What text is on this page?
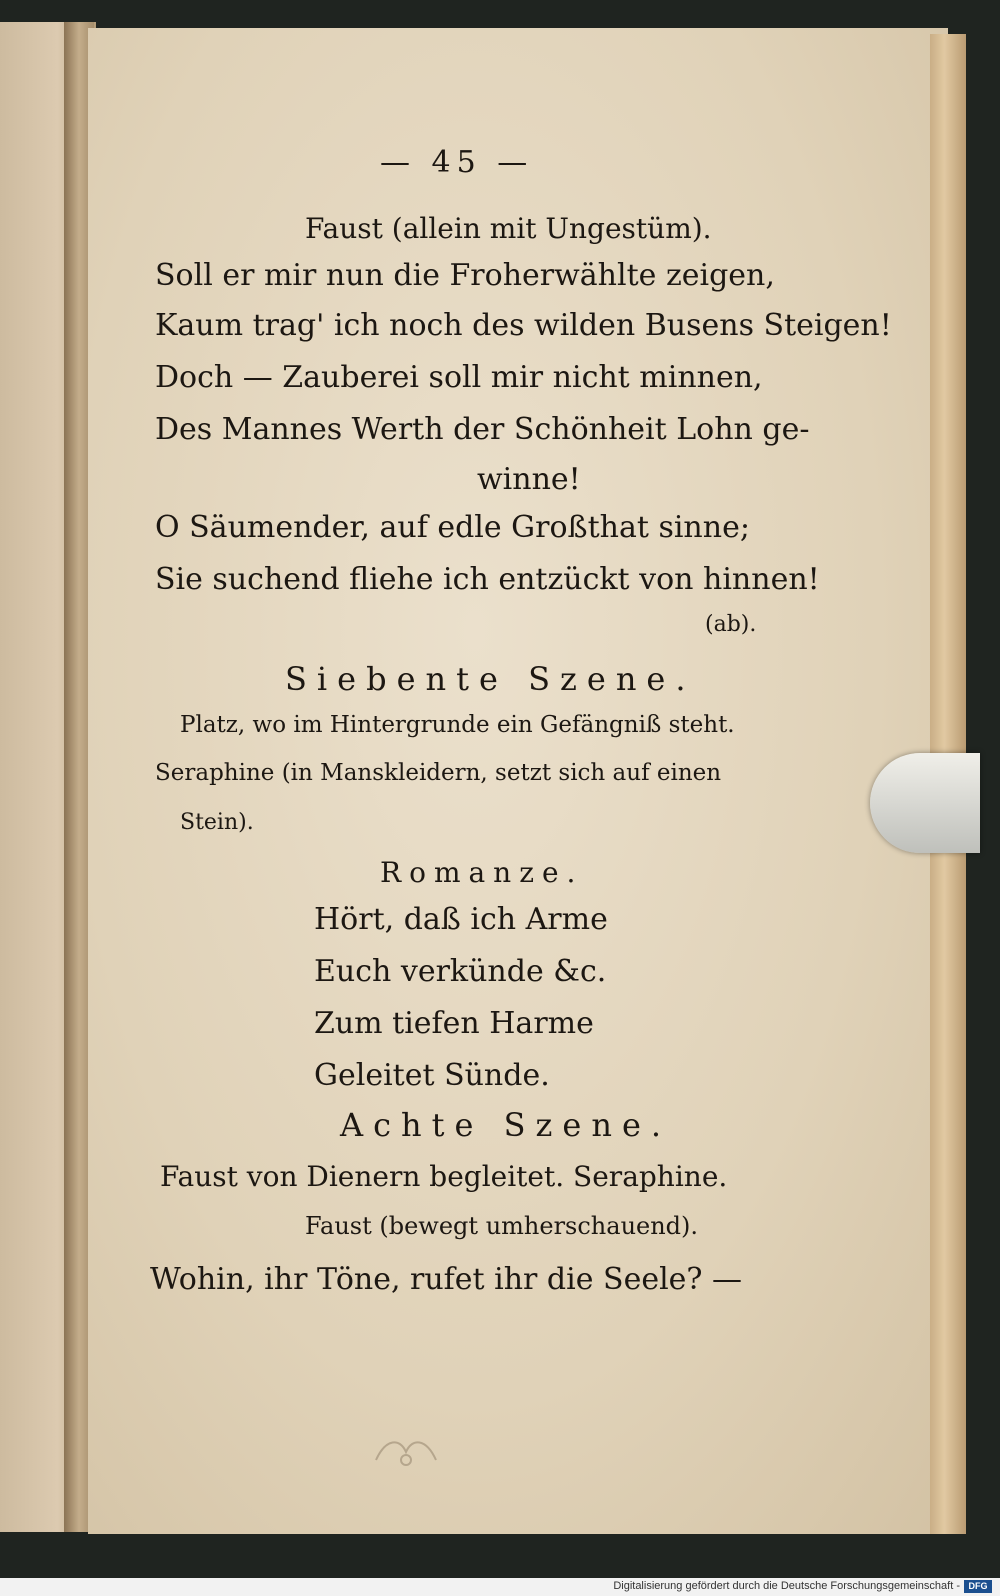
— 45 —
Faust (allein mit Ungestüm).
Soll er mir nun die Froherwählte zeigen,
Kaum trag' ich noch des wilden Busens Steigen!
Doch — Zauberei soll mir nicht minnen,
Des Mannes Werth der Schönheit Lohn ge-
winne!
O Säumender, auf edle Großthat sinne;
Sie suchend fliehe ich entzückt von hinnen!
(ab).
Siebente Szene.
Platz, wo im Hintergrunde ein Gefängniß steht.
Seraphine (in Manskleidern, setzt sich auf einen
Stein).
Romanze.
Hört, daß ich Arme
Euch verkünde &c.
Zum tiefen Harme
Geleitet Sünde.
Achte Szene.
Faust von Dienern begleitet. Seraphine.
Faust (bewegt umherschauend).
Wohin, ihr Töne, rufet ihr die Seele? —
Digitalisierung gefördert durch die Deutsche Forschungsgemeinschaft - DFG
